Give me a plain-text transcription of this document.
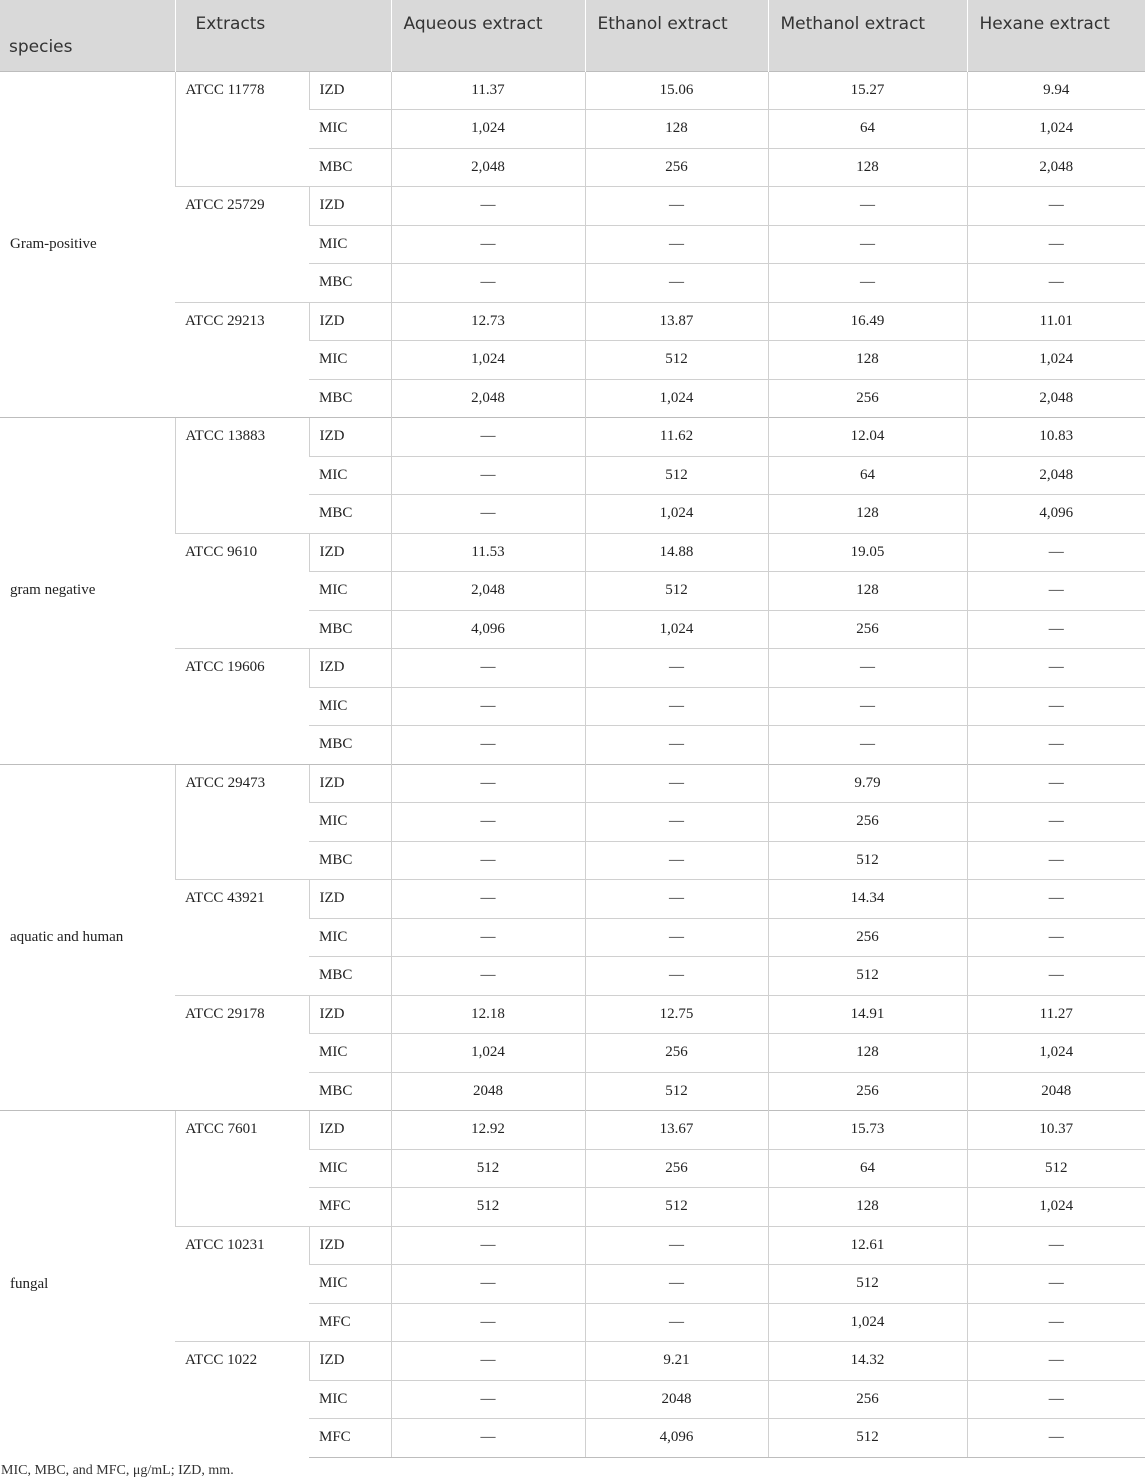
species	Extracts		Aqueous extract	Ethanol extract	Methanol extract	Hexane extract
Gram-positive	ATCC 11778	IZD	11.37	15.06	15.27	9.94
		MIC	1,024	128	64	1,024
		MBC	2,048	256	128	2,048
	ATCC 25729	IZD	—	—	—	—
		MIC	—	—	—	—
		MBC	—	—	—	—
	ATCC 29213	IZD	12.73	13.87	16.49	11.01
		MIC	1,024	512	128	1,024
		MBC	2,048	1,024	256	2,048
gram negative	ATCC 13883	IZD	—	11.62	12.04	10.83
		MIC	—	512	64	2,048
		MBC	—	1,024	128	4,096
	ATCC 9610	IZD	11.53	14.88	19.05	—
		MIC	2,048	512	128	—
		MBC	4,096	1,024	256	—
	ATCC 19606	IZD	—	—	—	—
		MIC	—	—	—	—
		MBC	—	—	—	—
aquatic and human	ATCC 29473	IZD	—	—	9.79	—
		MIC	—	—	256	—
		MBC	—	—	512	—
	ATCC 43921	IZD	—	—	14.34	—
		MIC	—	—	256	—
		MBC	—	—	512	—
	ATCC 29178	IZD	12.18	12.75	14.91	11.27
		MIC	1,024	256	128	1,024
		MBC	2048	512	256	2048
fungal	ATCC 7601	IZD	12.92	13.67	15.73	10.37
		MIC	512	256	64	512
		MFC	512	512	128	1,024
	ATCC 10231	IZD	—	—	12.61	—
		MIC	—	—	512	—
		MFC	—	—	1,024	—
	ATCC 1022	IZD	—	9.21	14.32	—
		MIC	—	2048	256	—
		MFC	—	4,096	512	—
MIC, MBC, and MFC, μg/mL; IZD, mm.
